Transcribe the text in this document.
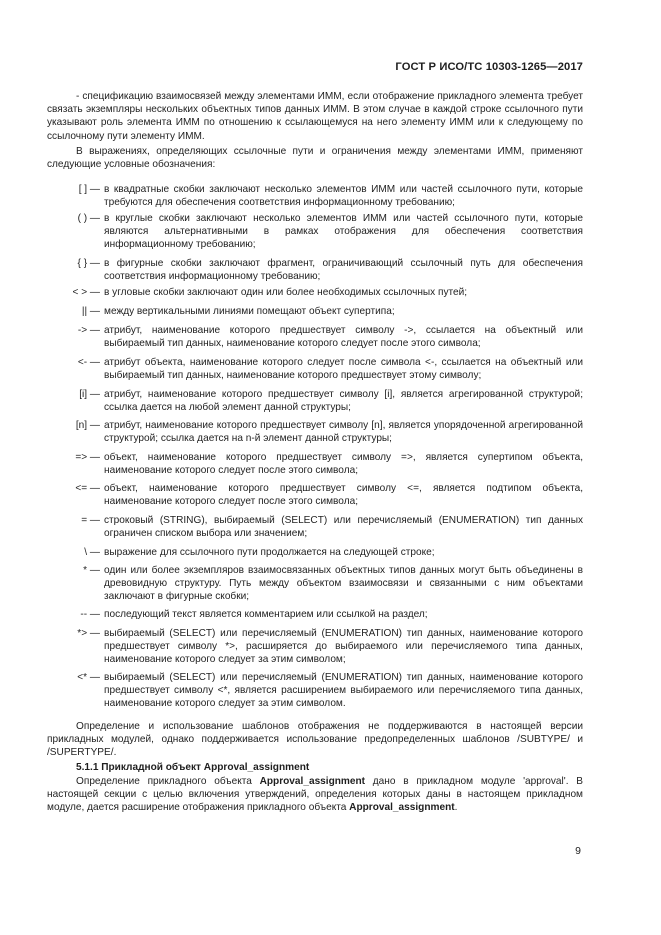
ГОСТ Р ИСО/ТС 10303-1265—2017

- спецификацию взаимосвязей между элементами ИММ, если отображение прикладного элемента требует связать экземпляры нескольких объектных типов данных ИММ. В этом случае в каждой строке ссылочного пути указывают роль элемента ИММ по отношению к ссылающемуся на него элементу ИММ или к следующему по ссылочному пути элементу ИММ.

В выражениях, определяющих ссылочные пути и ограничения между элементами ИММ, применяют следующие условные обозначения:

[ ] — в квадратные скобки заключают несколько элементов ИММ или частей ссылочного пути, которые требуются для обеспечения соответствия информационному требованию;

( ) — в круглые скобки заключают несколько элементов ИММ или частей ссылочного пути, которые являются альтернативными в рамках отображения для обеспечения соответствия информационному требованию;

{ } — в фигурные скобки заключают фрагмент, ограничивающий ссылочный путь для обеспечения соответствия информационному требованию;

< > — в угловые скобки заключают один или более необходимых ссылочных путей;

|| — между вертикальными линиями помещают объект супертипа;

-> — атрибут, наименование которого предшествует символу ->, ссылается на объектный или выбираемый тип данных, наименование которого следует после этого символа;

<- — атрибут объекта, наименование которого следует после символа <-, ссылается на объектный или выбираемый тип данных, наименование которого предшествует этому символу;

[i] — атрибут, наименование которого предшествует символу [i], является агрегированной структурой; ссылка дается на любой элемент данной структуры;

[n] — атрибут, наименование которого предшествует символу [n], является упорядоченной агрегированной структурой; ссылка дается на n-й элемент данной структуры;

=> — объект, наименование которого предшествует символу =>, является супертипом объекта, наименование которого следует после этого символа;

<= — объект, наименование которого предшествует символу <=, является подтипом объекта, наименование которого следует после этого символа;

= — строковый (STRING), выбираемый (SELECT) или перечисляемый (ENUMERATION) тип данных ограничен списком выбора или значением;

\ — выражение для ссылочного пути продолжается на следующей строке;

* — один или более экземпляров взаимосвязанных объектных типов данных могут быть объединены в древовидную структуру. Путь между объектом взаимосвязи и связанными с ним объектами заключают в фигурные скобки;

-- — последующий текст является комментарием или ссылкой на раздел;

*> — выбираемый (SELECT) или перечисляемый (ENUMERATION) тип данных, наименование которого предшествует символу *>, расширяется до выбираемого или перечисляемого типа данных, наименование которого следует за этим символом;

<* — выбираемый (SELECT) или перечисляемый (ENUMERATION) тип данных, наименование которого предшествует символу <*, является расширением выбираемого или перечисляемого типа данных, наименование которого следует за этим символом.

Определение и использование шаблонов отображения не поддерживаются в настоящей версии прикладных модулей, однако поддерживается использование предопределенных шаблонов /SUBTYPE/ и /SUPERTYPE/.

5.1.1 Прикладной объект Approval_assignment

Определение прикладного объекта Approval_assignment дано в прикладном модуле 'approval'. В настоящей секции с целью включения утверждений, определения которых даны в настоящем прикладном модуле, дается расширение отображения прикладного объекта Approval_assignment.

9
